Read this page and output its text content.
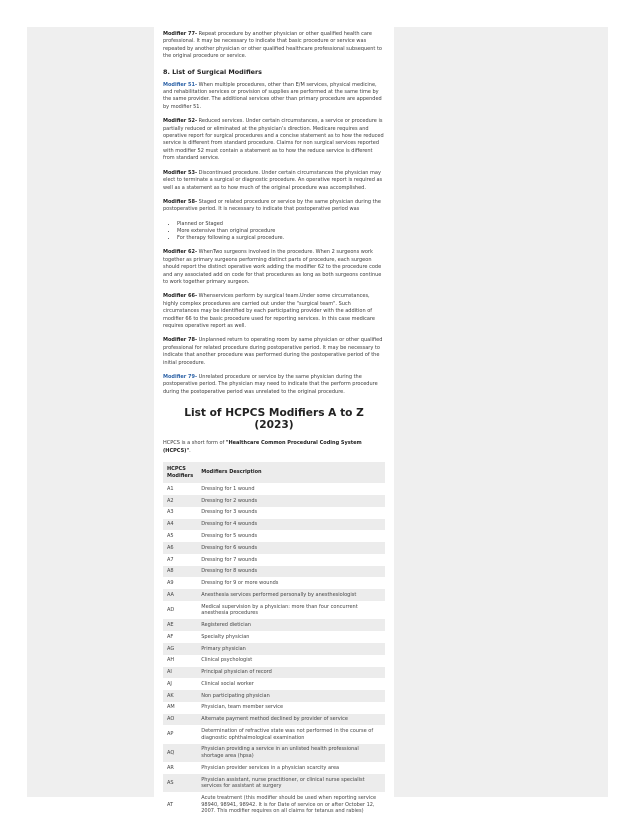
Modifier 77- Repeat procedure by another physician or other qualified health care professional. It may be necessary to indicate that basic procedure or service was repeated by another physician or other qualified healthcare professional subsequent to the original procedure or service.

8. List of Surgical Modifiers

Modifier 51- When multiple procedures, other than E/M services, physical medicine, and rehabilitation services or provision of supplies are performed at the same time by the same provider. The additional services other than primary procedure are appended by modifier 51.

Modifier 52- Reduced services. Under certain circumstances, a service or procedure is partially reduced or eliminated at the physician’s direction. Medicare requires and operative report for surgical procedures and a concise statement as to how the reduced service is different from standard procedure. Claims for non surgical services reported with modifier 52 must contain a statement as to how the reduce service is different from standard service.

Modifier 53- Discontinued procedure. Under certain circumstances the physician may elect to terminate a surgical or diagnostic procedure. An operative report is required as well as a statement as to how much of the original procedure was accomplished.

Modifier 58- Staged or related procedure or service by the same physician during the postoperative period. It is necessary to indicate that postoperative period was

• Planned or Staged
• More extensive than original procedure
• For therapy following a surgical procedure.

Modifier 62- WhenTwo surgeons involved in the procedure. When 2 surgeons work together as primary surgeons performing distinct parts of procedure, each surgeon should report the distinct operative work adding the modifier 62 to the procedure code and any associated add on code for that procedures as long as both surgeons continue to work together primary surgeon.

Modifier 66- Whenservices perform by surgical team.Under some circumstances, highly complex procedures are carried out under the "surgical team". Such circumstances may be identified by each participating provider with the addition of modifier 66 to the basic procedure used for reporting services. In this case medicare requires operative report as well.

Modifier 78- Unplanned return to operating room by same physician or other qualified professional for related procedure during postoperative period. It may be necessary to indicate that another procedure was performed during the postoperative period of the initial procedure.

Modifier 79- Unrelated procedure or service by the same physician during the postoperative period. The physician may need to indicate that the perform procedure during the postoperative period was unrelated to the original procedure.

List of HCPCS Modifiers A to Z (2023)

HCPCS is a short form of "Healthcare Common Procedural Coding System (HCPCS)".

HCPCS Modifiers	Modifiers Description
A1	Dressing for 1 wound
A2	Dressing for 2 wounds
A3	Dressing for 3 wounds
A4	Dressing for 4 wounds
A5	Dressing for 5 wounds
A6	Dressing for 6 wounds
A7	Dressing for 7 wounds
A8	Dressing for 8 wounds
A9	Dressing for 9 or more wounds
AA	Anesthesia services performed personally by anesthesiologist
AD	Medical supervision by a physician: more than four concurrent anesthesia procedures
AE	Registered dietician
AF	Specialty physician
AG	Primary physician
AH	Clinical psychologist
AI	Principal physician of record
AJ	Clinical social worker
AK	Non participating physician
AM	Physician, team member service
AO	Alternate payment method declined by provider of service
AP	Determination of refractive state was not performed in the course of diagnostic ophthalmological examination
AQ	Physician providing a service in an unlisted health professional shortage area (hpsa)
AR	Physician provider services in a physician scarcity area
AS	Physician assistant, nurse practitioner, or clinical nurse specialist services for assistant at surgery
AT	Acute treatment (this modifier should be used when reporting service 98940, 98941, 98942. It is for Date of service on or after October 12, 2007. This modifier requires on all claims for tetanus and rabies)
